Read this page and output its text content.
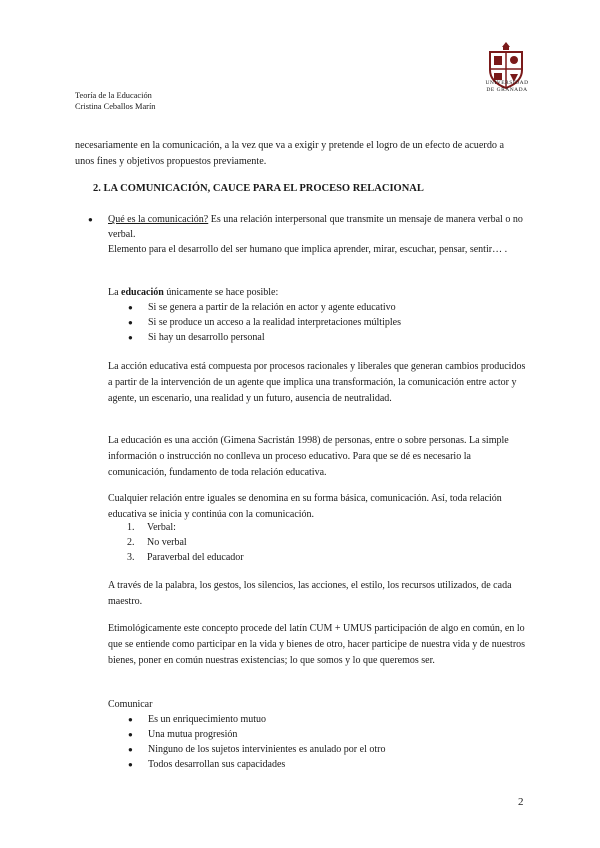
Teoría de la Educación
Cristina Ceballos Marín
UNIVERSIDAD
DE GRANADA

necesariamente en la comunicación, a la vez que va a exigir y pretende el logro de un efecto de acuerdo a unos fines y objetivos propuestos previamente.

2. LA COMUNICACIÓN, CAUCE PARA EL PROCESO RELACIONAL
● Qué es la comunicación? Es una relación interpersonal que transmite un mensaje de manera verbal o no verbal.
Elemento para el desarrollo del ser humano que implica aprender, mirar, escuchar, pensar, sentir… .
La educación únicamente se hace posible:
● Si se genera a partir de la relación en actor y agente educativo
● Si se produce un acceso a la realidad interpretaciones múltiples
● Si hay un desarrollo personal

La acción educativa está compuesta por procesos racionales y liberales que generan cambios producidos a partir de la intervención de un agente que implica una transformación, la comunicación entre actor y agente, un escenario, una realidad y un futuro, ausencia de neutralidad.

La educación es una acción (Gimena Sacristán 1998) de personas, entre o sobre personas. La simple información o instrucción no conlleva un proceso educativo. Para que se dé es necesario la comunicación, fundamento de toda relación educativa.

Cualquier relación entre iguales se denomina en su forma básica, comunicación. Así, toda relación educativa se inicia y continúa con la comunicación.

1. Verbal:
2. No verbal
3. Paraverbal del educador

A través de la palabra, los gestos, los silencios, las acciones, el estilo, los recursos utilizados, de cada maestro.

Etimológicamente este concepto procede del latín CUM + UMUS participación de algo en común, en lo que se entiende como participar en la vida y bienes de otro, hacer participe de nuestra vida y de nuestros bienes, poner en común nuestras existencias; lo que somos y lo que queremos ser.

Comunicar
● Es un enriquecimiento mutuo
● Una mutua progresión
● Ninguno de los sujetos intervinientes es anulado por el otro
● Todos desarrollan sus capacidades
2
